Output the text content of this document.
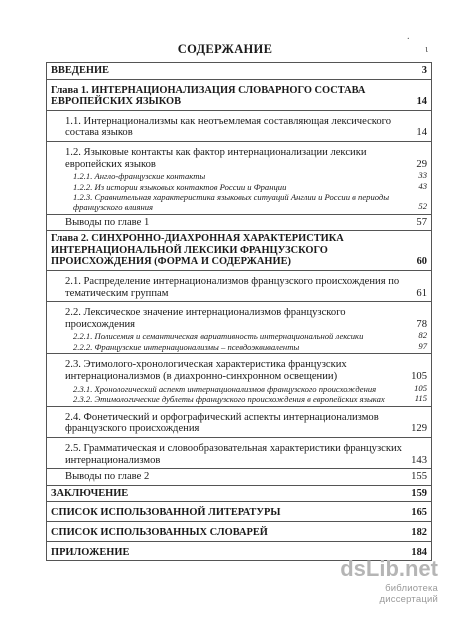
·
ι
СОДЕРЖАНИЕ
ВВЕДЕНИЕ	3
Глава 1. ИНТЕРНАЦИОНАЛИЗАЦИЯ СЛОВАРНОГО СОСТАВА ЕВРОПЕЙСКИХ ЯЗЫКОВ	14
1.1. Интернационализмы как неотъемлемая составляющая лексического состава языков	14
1.2. Языковые контакты как фактор интернационализации лексики европейских языков	29
1.2.1. Англо-французские контакты	33
1.2.2. Из истории языковых контактов России и Франции	43
1.2.3. Сравнительная характеристика языковых ситуаций Англии и России в периоды французского влияния	52
Выводы по главе 1	57
Глава 2. СИНХРОННО-ДИАХРОННАЯ ХАРАКТЕРИСТИКА ИНТЕРНАЦИОНАЛЬНОЙ ЛЕКСИКИ ФРАНЦУЗСКОГО ПРОИСХОЖДЕНИЯ (ФОРМА И СОДЕРЖАНИЕ)	60
2.1. Распределение интернационализмов французского происхождения по тематическим группам	61
2.2. Лексическое значение интернационализмов французского происхождения	78
2.2.1. Полисемия и семантическая вариативность интернациональной лексики	82
2.2.2. Французские интернационализмы – псевдоэквиваленты	97
2.3. Этимолого-хронологическая характеристика французских интернационализмов (в диахронно-синхронном освещении)	105
2.3.1. Хронологический аспект интернационализмов французского происхождения	105
2.3.2. Этимологические дублеты французского происхождения в европейских языках	115
2.4. Фонетический и орфографический аспекты интернационализмов французского происхождения	129
2.5. Грамматическая и словообразовательная характеристики французских интернационализмов	143
Выводы по главе 2	155
ЗАКЛЮЧЕНИЕ	159
СПИСОК ИСПОЛЬЗОВАННОЙ ЛИТЕРАТУРЫ	165
СПИСОК ИСПОЛЬЗОВАННЫХ СЛОВАРЕЙ	182
ПРИЛОЖЕНИЕ	184
dsLib.net
библиотека диссертаций
